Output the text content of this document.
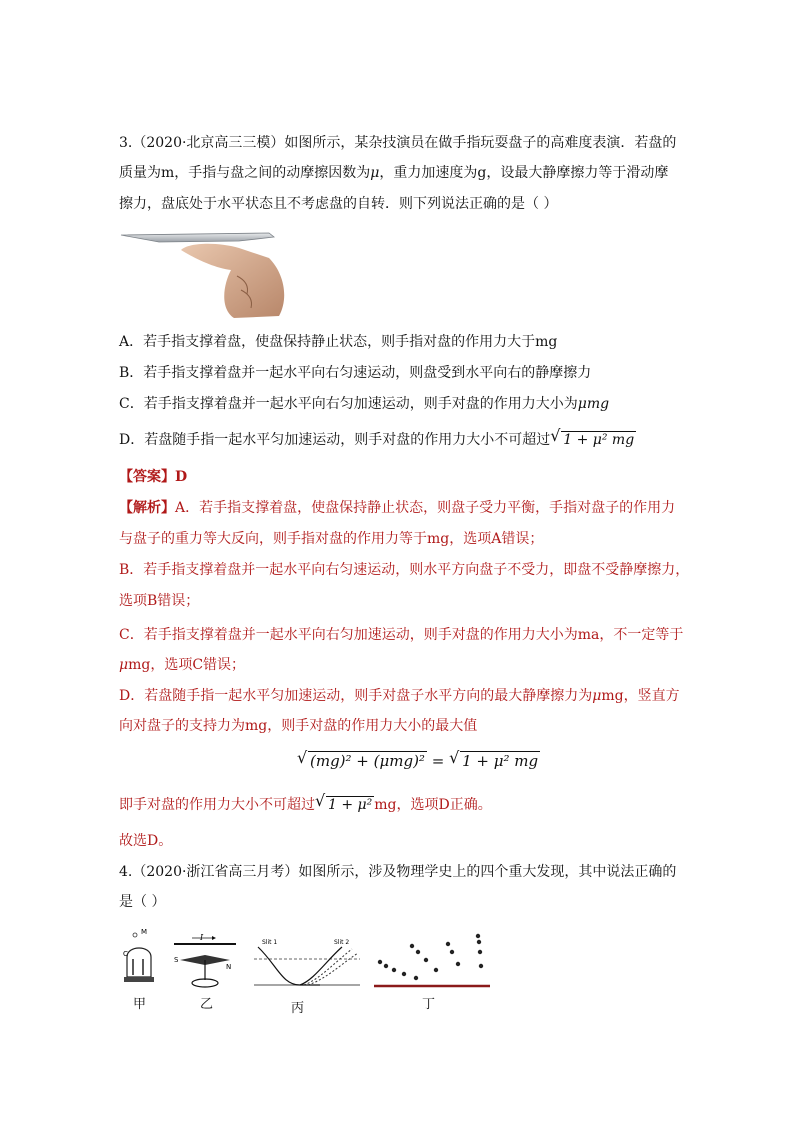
3.（2020·北京高三三模）如图所示，某杂技演员在做手指玩耍盘子的高难度表演．若盘的
质量为m，手指与盘之间的动摩擦因数为μ，重力加速度为g，设最大静摩擦力等于滑动摩
擦力，盘底处于水平状态且不考虑盘的自转．则下列说法正确的是（ ）
A．若手指支撑着盘，使盘保持静止状态，则手指对盘的作用力大于mg
B．若手指支撑着盘并一起水平向右匀速运动，则盘受到水平向右的静摩擦力
C．若手指支撑着盘并一起水平向右匀加速运动，则手对盘的作用力大小为μmg
D．若盘随手指一起水平匀加速运动，则手对盘的作用力大小不可超过 √ 1 + μ² mg
【答案】D
【解析】A．若手指支撑着盘，使盘保持静止状态，则盘子受力平衡，手指对盘子的作用力
与盘子的重力等大反向，则手指对盘的作用力等于mg，选项A错误；
B．若手指支撑着盘并一起水平向右匀速运动，则水平方向盘子不受力，即盘不受静摩擦力，
选项B错误；
C．若手指支撑着盘并一起水平向右匀加速运动，则手对盘的作用力大小为ma，不一定等于
μmg，选项C错误；
D．若盘随手指一起水平匀加速运动，则手对盘子水平方向的最大静摩擦力为μmg，竖直方
向对盘子的支持力为mg，则手对盘的作用力大小的最大值
√ (mg)² + (μmg)² = √ 1 + μ² mg
即手对盘的作用力大小不可超过 √ 1 + μ² mg，选项D正确。
故选D。
4.（2020·浙江省高三月考）如图所示，涉及物理学史上的四个重大发现，其中说法正确的
是（ ）
M
C
甲
I
S
N
乙
Slit 1	Slit 2
丙	丁
